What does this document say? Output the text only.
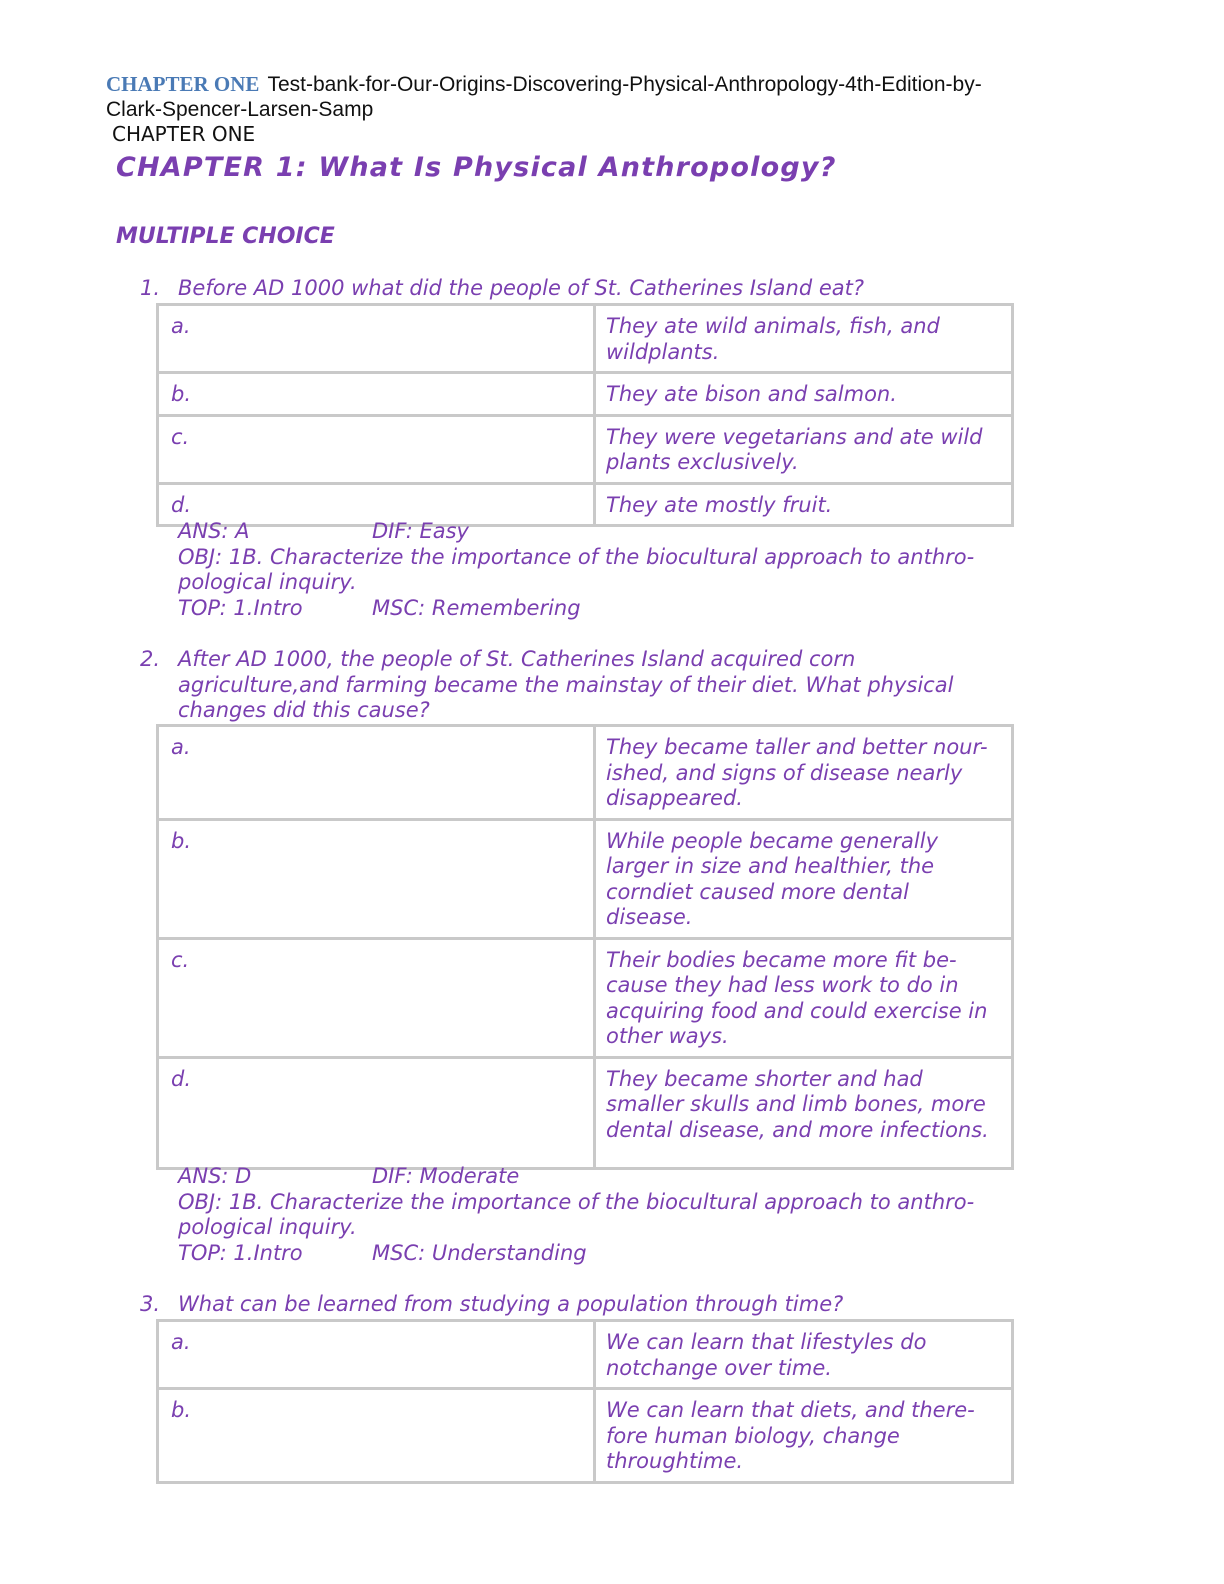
CHAPTER ONE Test-bank-for-Our-Origins-Discovering-Physical-Anthropology-4th-Edition-by-
Clark-Spencer-Larsen-Samp
CHAPTER ONE
CHAPTER 1: What Is Physical Anthropology?
MULTIPLE CHOICE
1. Before AD 1000 what did the people of St. Catherines Island eat?
a.	They ate wild animals, fish, and wildplants.
b.	They ate bison and salmon.
c.	They were vegetarians and ate wild plants exclusively.
d.	They ate mostly fruit.
ANS: A	DIF: Easy
OBJ: 1B. Characterize the importance of the biocultural approach to anthro-pological inquiry.
TOP: 1.Intro	MSC: Remembering
2. After AD 1000, the people of St. Catherines Island acquired corn agriculture,and farming became the mainstay of their diet. What physical changes did this cause?
a.	They became taller and better nour-ished, and signs of disease nearly disappeared.
b.	While people became generally larger in size and healthier, the corndiet caused more dental disease.
c.	Their bodies became more fit be-cause they had less work to do in acquiring food and could exercise in other ways.
d.	They became shorter and had smaller skulls and limb bones, more dental disease, and more infections.
ANS: D	DIF: Moderate
OBJ: 1B. Characterize the importance of the biocultural approach to anthro-pological inquiry.
TOP: 1.Intro	MSC: Understanding
3. What can be learned from studying a population through time?
a.	We can learn that lifestyles do notchange over time.
b.	We can learn that diets, and there-fore human biology, change throughtime.
